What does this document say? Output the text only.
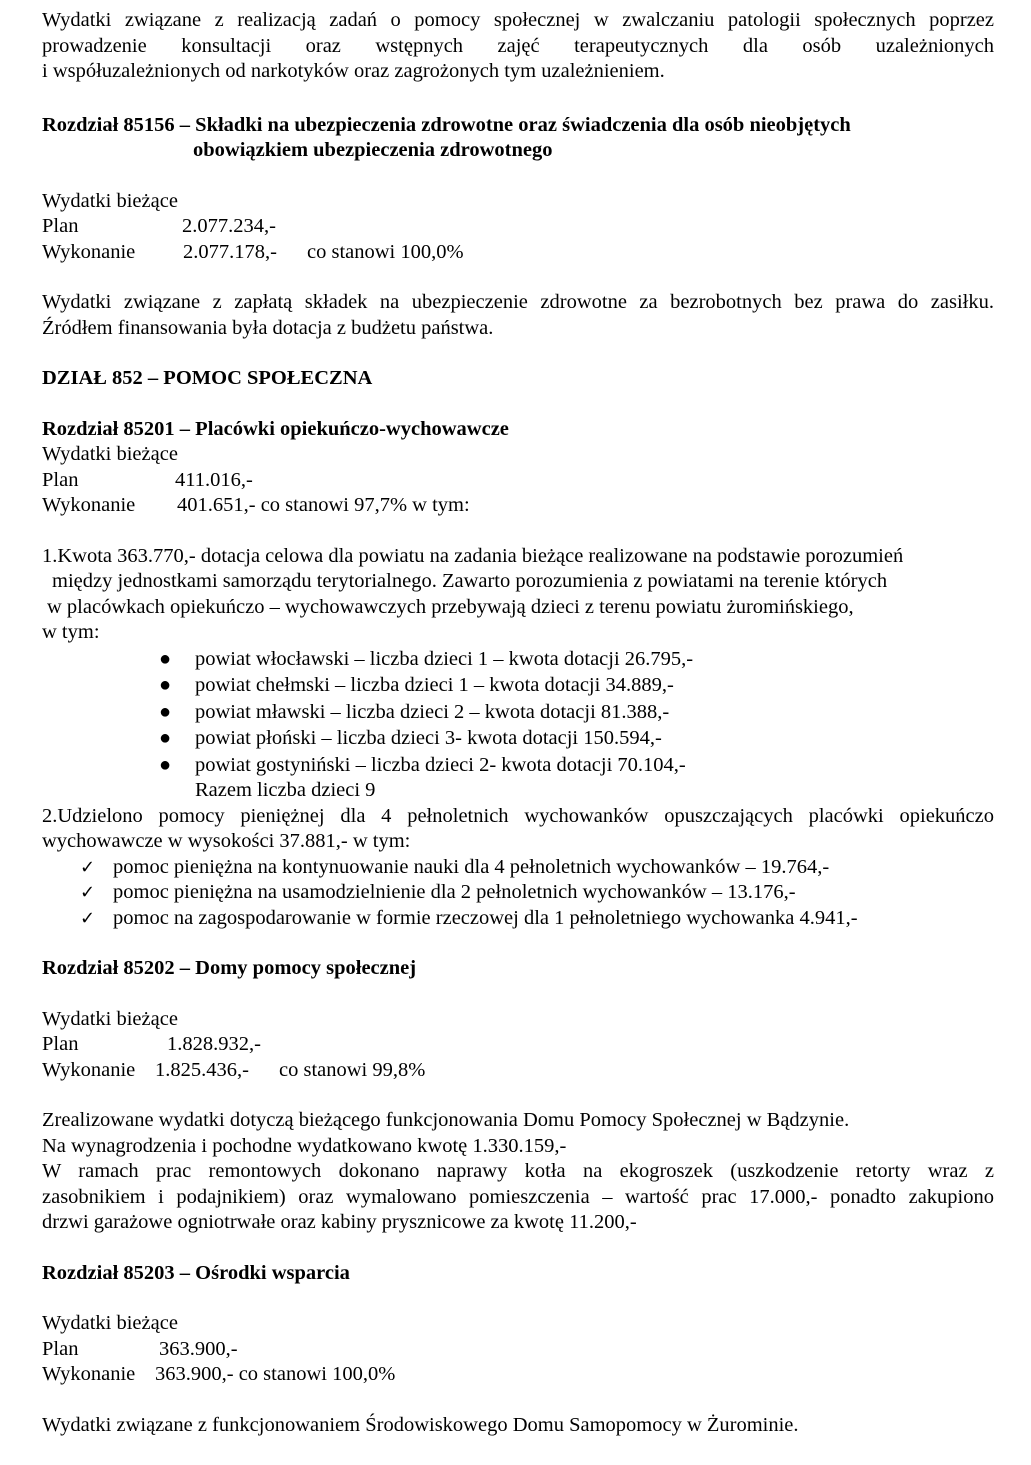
Wydatki związane z realizacją zadań o pomocy społecznej w zwalczaniu patologii społecznych poprzez
prowadzenie konsultacji oraz wstępnych zajęć terapeutycznych dla osób uzależnionych
i współuzależnionych od narkotyków oraz zagrożonych tym uzależnieniem.
Rozdział 85156 – Składki na ubezpieczenia zdrowotne oraz świadczenia dla osób nieobjętych
obowiązkiem ubezpieczenia zdrowotnego
Wydatki bieżące
Plan	2.077.234,-
Wykonanie 2.077.178,- co stanowi 100,0%
Wydatki związane z zapłatą składek na ubezpieczenie zdrowotne za bezrobotnych bez prawa do zasiłku.
Źródłem finansowania była dotacja z budżetu państwa.
DZIAŁ 852 – POMOC SPOŁECZNA
Rozdział 85201 – Placówki opiekuńczo-wychowawcze
Wydatki bieżące
Plan	411.016,-
Wykonanie 401.651,- co stanowi 97,7% w tym:
1.Kwota 363.770,- dotacja celowa dla powiatu na zadania bieżące realizowane na podstawie porozumień
między jednostkami samorządu terytorialnego. Zawarto porozumienia z powiatami na terenie których
w placówkach opiekuńczo – wychowawczych przebywają dzieci z terenu powiatu żuromińskiego,
w tym:
●	powiat włocławski – liczba dzieci 1 – kwota dotacji 26.795,-
●	powiat chełmski – liczba dzieci 1 – kwota dotacji 34.889,-
●	powiat mławski – liczba dzieci 2 – kwota dotacji 81.388,-
●	powiat płoński – liczba dzieci 3- kwota dotacji 150.594,-
●	powiat gostyniński – liczba dzieci 2- kwota dotacji 70.104,-
Razem liczba dzieci 9
2.Udzielono pomocy pieniężnej dla 4 pełnoletnich wychowanków opuszczających placówki opiekuńczo
wychowawcze w wysokości 37.881,- w tym:
✓ pomoc pieniężna na kontynuowanie nauki dla 4 pełnoletnich wychowanków – 19.764,-
✓ pomoc pieniężna na usamodzielnienie dla 2 pełnoletnich wychowanków – 13.176,-
✓ pomoc na zagospodarowanie w formie rzeczowej dla 1 pełnoletniego wychowanka 4.941,-
Rozdział 85202 – Domy pomocy społecznej
Wydatki bieżące
Plan	1.828.932,-
Wykonanie 1.825.436,- co stanowi 99,8%
Zrealizowane wydatki dotyczą bieżącego funkcjonowania Domu Pomocy Społecznej w Bądzynie.
Na wynagrodzenia i pochodne wydatkowano kwotę 1.330.159,-
W ramach prac remontowych dokonano naprawy kotła na ekogroszek (uszkodzenie retorty wraz z
zasobnikiem i podajnikiem) oraz wymalowano pomieszczenia – wartość prac 17.000,- ponadto zakupiono
drzwi garażowe ogniotrwałe oraz kabiny prysznicowe za kwotę 11.200,-
Rozdział 85203 – Ośrodki wsparcia
Wydatki bieżące
Plan	363.900,-
Wykonanie 363.900,- co stanowi 100,0%
Wydatki związane z funkcjonowaniem Środowiskowego Domu Samopomocy w Żurominie.
